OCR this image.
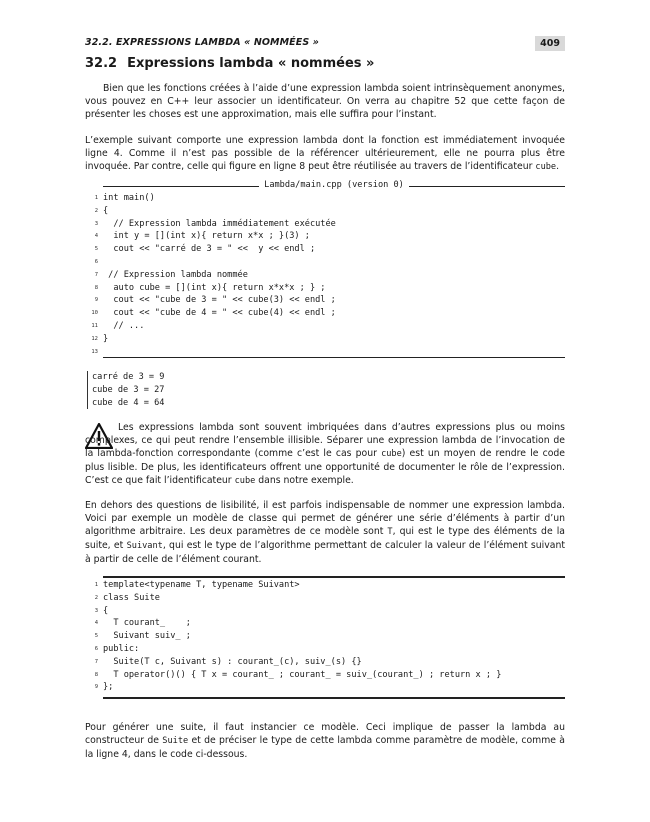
32.2. EXPRESSIONS LAMBDA « NOMMÉES »	409
32.2 Expressions lambda « nommées »

Bien que les fonctions créées à l’aide d’une expression lambda soient intrinsèquement anonymes, vous pouvez en C++ leur associer un identificateur. On verra au chapitre 52 que cette façon de présenter les choses est une approximation, mais elle suffira pour l’instant.

L’exemple suivant comporte une expression lambda dont la fonction est immédiatement invoquée ligne 4. Comme il n’est pas possible de la référencer ultérieurement, elle ne pourra plus être invoquée. Par contre, celle qui figure en ligne 8 peut être réutilisée au travers de l’identificateur cube.

Lambda/main.cpp (version 0)
1 int main()
2 {
3 // Expression lambda immédiatement exécutée
4 int y = [](int x){ return x*x ; }(3) ;
5 cout << "carré de 3 = " <<  y << endl ;
6
7 // Expression lambda nommée
8 auto cube = [](int x){ return x*x*x ; } ;
9 cout << "cube de 3 = " << cube(3) << endl ;
10 cout << "cube de 4 = " << cube(4) << endl ;
11 // ...
12 }
13
carré de 3 = 9
cube de 3 = 27
cube de 4 = 64

Les expressions lambda sont souvent imbriquées dans d’autres expressions plus ou moins complexes, ce qui peut rendre l’ensemble illisible. Séparer une expression lambda de l’invocation de la lambda-fonction correspondante (comme c’est le cas pour cube) est un moyen de rendre le code plus lisible. De plus, les identificateurs offrent une opportunité de documenter le rôle de l’expression. C’est ce que fait l’identificateur cube dans notre exemple.

En dehors des questions de lisibilité, il est parfois indispensable de nommer une expression lambda. Voici par exemple un modèle de classe qui permet de générer une série d’éléments à partir d’un algorithme arbitraire. Les deux paramètres de ce modèle sont T, qui est le type des éléments de la suite, et Suivant, qui est le type de l’algorithme permettant de calculer la valeur de l’élément suivant à partir de celle de l’élément courant.

1 template<typename T, typename Suivant>
2 class Suite
3 {
4 T courant_    ;
5 Suivant suiv_ ;
6 public:
7 Suite(T c, Suivant s) : courant_(c), suiv_(s) {}
8 T operator()() { T x = courant_ ; courant_ = suiv_(courant_) ; return x ; }
9 };

Pour générer une suite, il faut instancier ce modèle. Ceci implique de passer la lambda au constructeur de Suite et de préciser le type de cette lambda comme paramètre de modèle, comme à la ligne 4, dans le code ci-dessous.
